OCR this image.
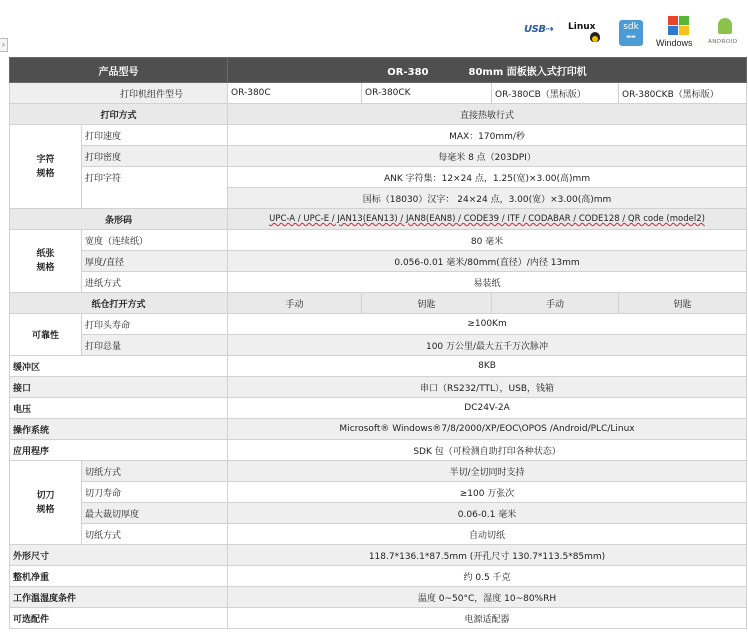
›
USB⇢ Linux	sdk
▬▬
Windows	ANDROID
产品型号		OR-380 80mm 面板嵌入式打印机			
打印机组件型号		OR-380C	OR-380CK	OR-380CB（黑标版）	OR-380CKB（黑标版）
打印方式		直接热敏行式			
字符
规格	打印速度	MAX：170mm/秒			
	打印密度	每毫米 8 点（203DPI）			
	打印字符	ANK 字符集：12×24 点，1.25(宽)×3.00(高)mm			
		国标（18030）汉字： 24×24 点，3.00(宽）×3.00(高)mm			
条形码		UPC-A / UPC-E / JAN13(EAN13) / JAN8(EAN8) / CODE39 / ITF / CODABAR / CODE128 / QR code (model2)			
纸张
规格	宽度（连续纸）	80 毫米			
	厚度/直径	0.056-0.01 毫米/80mm(直径）/内径 13mm			
	进纸方式	易装纸			
纸仓打开方式		手动	钥匙	手动	钥匙
可靠性	打印头寿命	≥100Km			
	打印总量	100 万公里/最大五千万次脉冲			
缓冲区		8KB			
接口		串口（RS232/TTL），USB，钱箱			
电压		DC24V-2A			
操作系统		Microsoft® Windows®7/8/2000/XP/EOC\OPOS /Android/PLC/Linux			
应用程序		SDK 包（可检测自助打印各种状态）			
切刀
规格	切纸方式	半切/全切同时支持			
	切刀寿命	≥100 万张次			
	最大裁切厚度	0.06-0.1 毫米			
	切纸方式	自动切纸			
外形尺寸		118.7*136.1*87.5mm (开孔尺寸 130.7*113.5*85mm)			
整机净重		约 0.5 千克			
工作温湿度条件		温度 0~50°C，湿度 10~80%RH			
可选配件		电源适配器			
